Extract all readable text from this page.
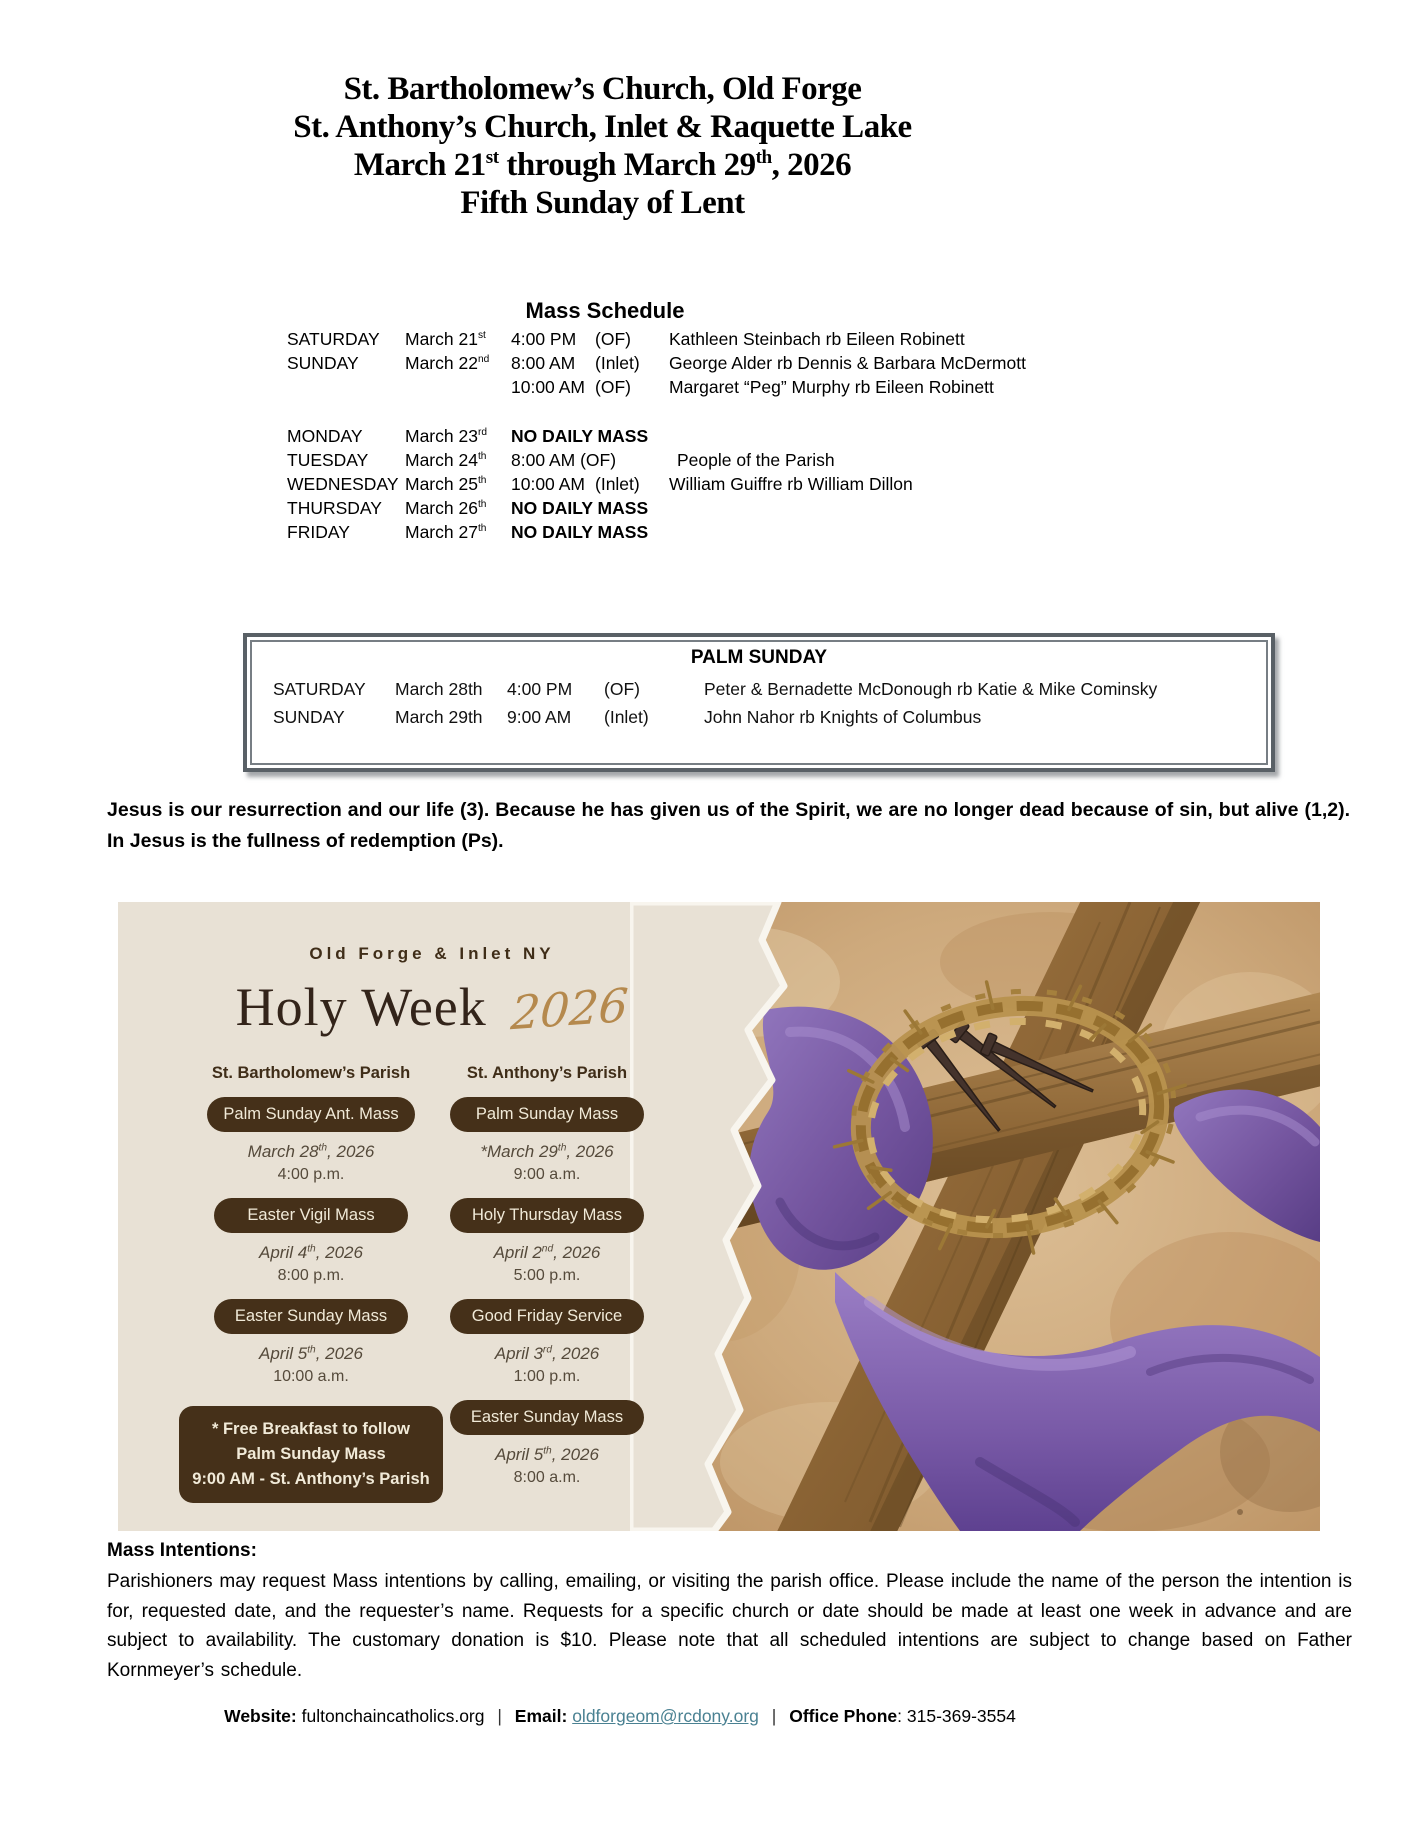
St. Bartholomew’s Church, Old Forge
St. Anthony’s Church, Inlet & Raquette Lake
March 21st through March 29th, 2026
Fifth Sunday of Lent
Mass Schedule
SATURDAY	March 21st	4:00 PM	(OF)	Kathleen Steinbach rb Eileen Robinett
SUNDAY	March 22nd	8:00 AM	(Inlet)	George Alder rb Dennis & Barbara McDermott
10:00 AM (OF)	Margaret “Peg” Murphy rb Eileen Robinett
MONDAY	March 23rd	NO DAILY MASS
TUESDAY	March 24th	8:00 AM (OF)	People of the Parish
WEDNESDAY March 25th	10:00 AM (Inlet)	William Guiffre rb William Dillon
THURSDAY	March 26th	NO DAILY MASS
FRIDAY	March 27th	NO DAILY MASS
PALM SUNDAY
SATURDAY	March 28th	4:00 PM	(OF)	Peter & Bernadette McDonough rb Katie & Mike Cominsky
SUNDAY	March 29th	9:00 AM	(Inlet)	John Nahor rb Knights of Columbus
Jesus is our resurrection and our life (3). Because he has given us of the Spirit, we are no longer dead because of sin, but alive (1,2). In Jesus is the fullness of redemption (Ps).
Old Forge & Inlet NY
Holy Week 2026
St. Bartholomew’s Parish
Palm Sunday Ant. Mass
March 28th, 2026
4:00 p.m.
Easter Vigil Mass
April 4th, 2026
8:00 p.m.
Easter Sunday Mass
April 5th, 2026
10:00 a.m.
* Free Breakfast to follow
Palm Sunday Mass
9:00 AM - St. Anthony’s Parish
St. Anthony’s Parish
Palm Sunday Mass
*March 29th, 2026
9:00 a.m.
Holy Thursday Mass
April 2nd, 2026
5:00 p.m.
Good Friday Service
April 3rd, 2026
1:00 p.m.
Easter Sunday Mass
April 5th, 2026
8:00 a.m.
Mass Intentions:
Parishioners may request Mass intentions by calling, emailing, or visiting the parish office. Please include the name of the person the intention is for, requested date, and the requester’s name. Requests for a specific church or date should be made at least one week in advance and are subject to availability. The customary donation is $10. Please note that all scheduled intentions are subject to change based on Father Kornmeyer’s schedule.
Website: fultonchaincatholics.org | Email: oldforgeom@rcdony.org | Office Phone: 315-369-3554
